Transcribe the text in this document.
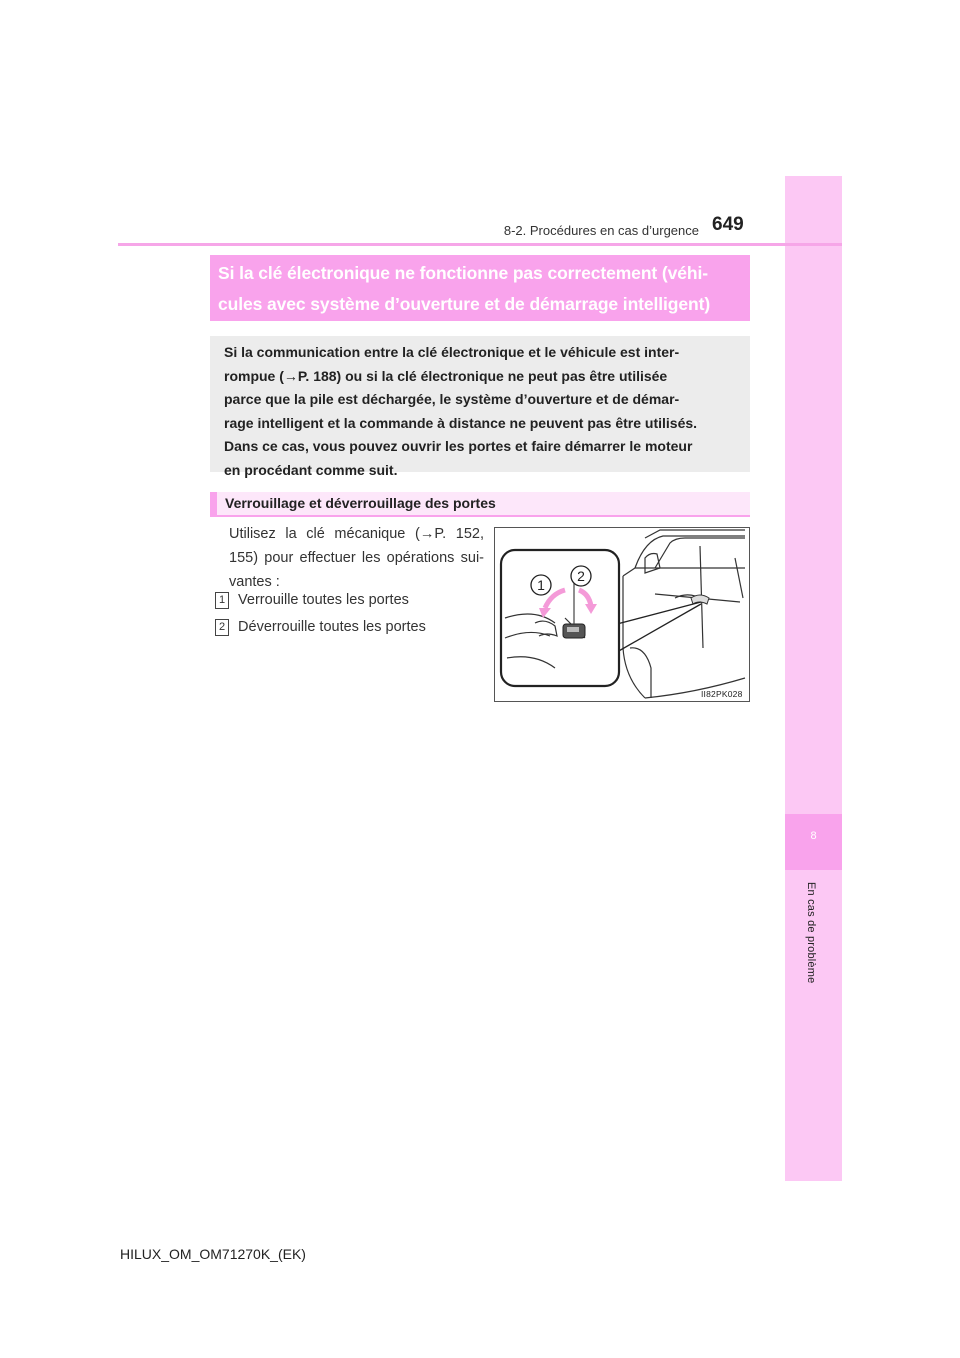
8
En cas de problème
8-2. Procédures en cas d’urgence 649
Si la clé électronique ne fonctionne pas correctement (véhi-
cules avec système d’ouverture et de démarrage intelligent)
Si la communication entre la clé électronique et le véhicule est inter-
rompue (→P. 188) ou si la clé électronique ne peut pas être utilisée
parce que la pile est déchargée, le système d’ouverture et de démar-
rage intelligent et la commande à distance ne peuvent pas être utilisés.
Dans ce cas, vous pouvez ouvrir les portes et faire démarrer le moteur
en procédant comme suit.
Verrouillage et déverrouillage des portes
Utilisez la clé mécanique (→P. 152,
155) pour effectuer les opérations sui-
vantes :
1 Verrouille toutes les portes
2 Déverrouille toutes les portes
1
2
II82PK028
HILUX_OM_OM71270K_(EK)
